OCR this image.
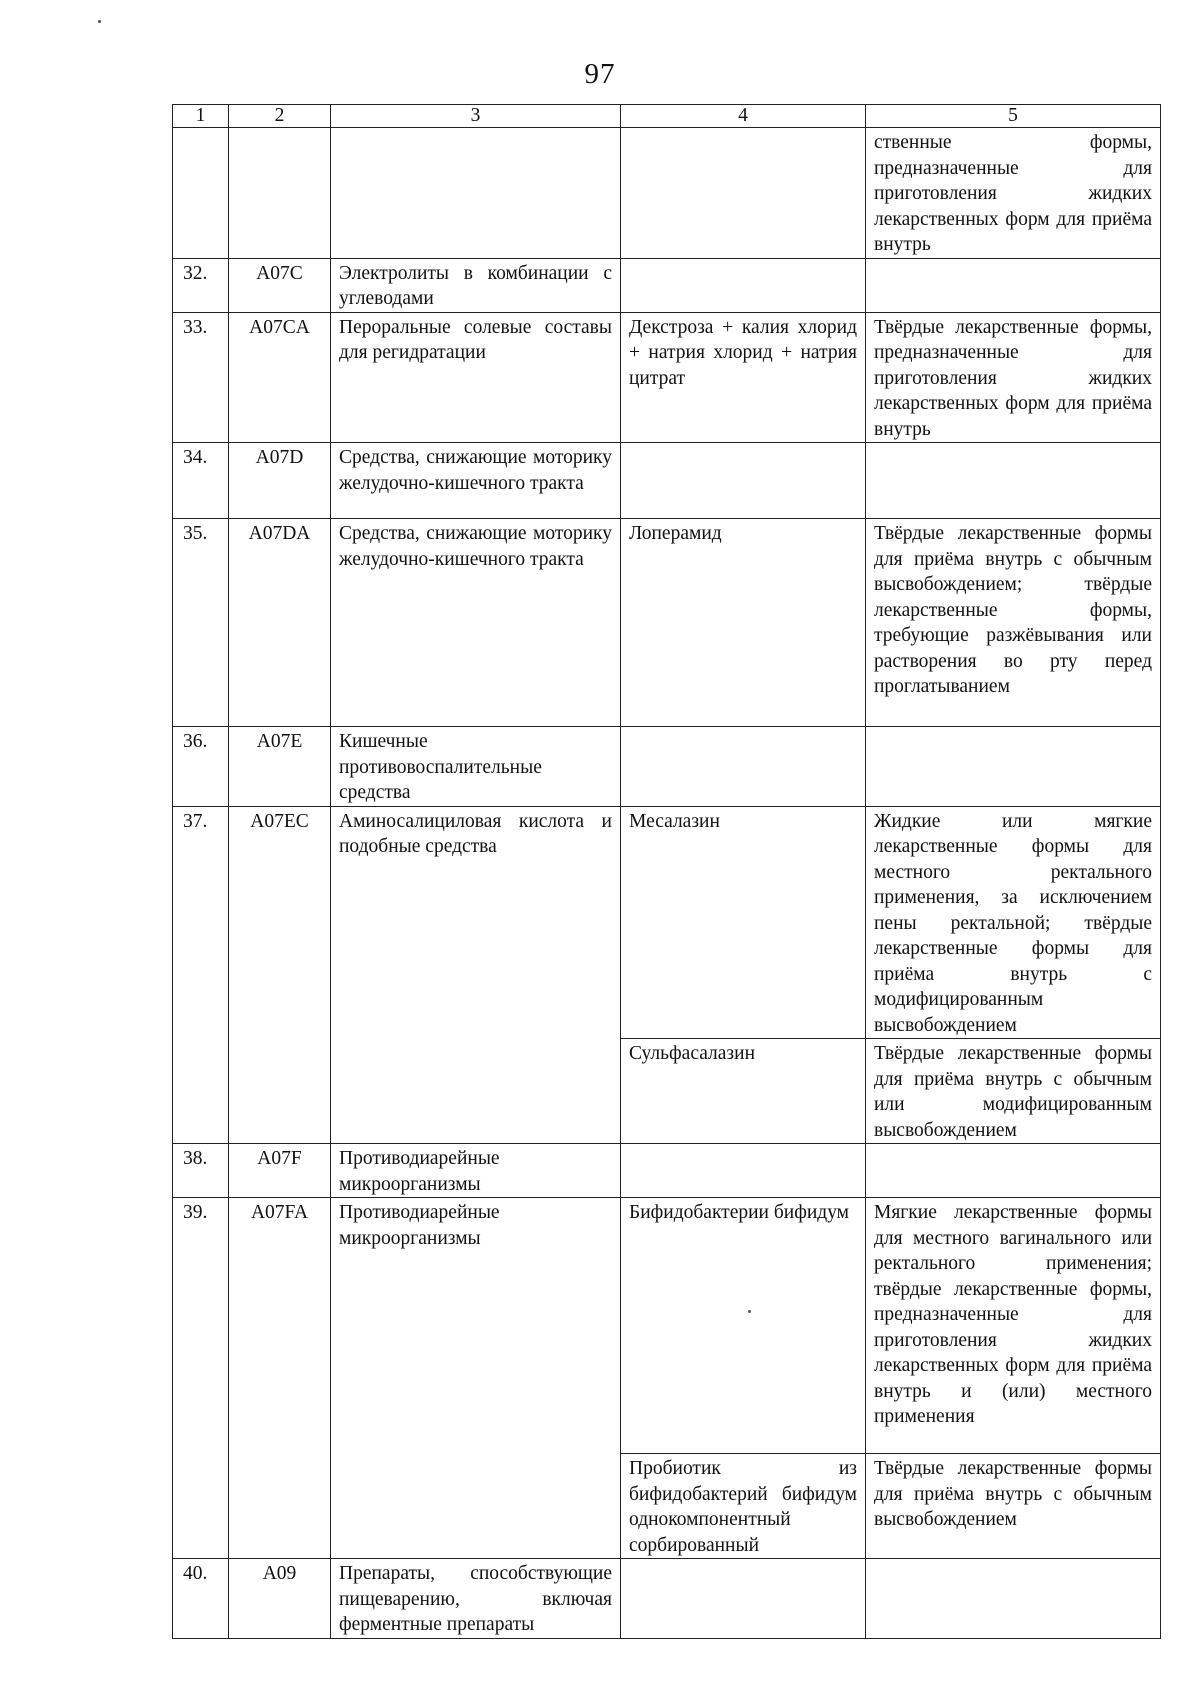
97
1	2	3	4	5
				ственные формы, предназначенные для приготовления жидких лекарственных форм для приёма внутрь
32.	A07C	Электролиты в комбинации с углеводами		
33.	A07CA	Пероральные солевые составы для регидратации	Декстроза + калия хлорид + натрия хлорид + натрия цитрат	Твёрдые лекарственные формы, предназначенные для приготовления жидких лекарственных форм для приёма внутрь
34.	A07D	Средства, снижающие моторику желудочно-кишечного тракта		
35.	A07DA	Средства, снижающие моторику желудочно-кишечного тракта	Лоперамид	Твёрдые лекарственные формы для приёма внутрь с обычным высвобождением; твёрдые лекарственные формы, требующие разжёвывания или растворения во рту перед проглатыванием
36.	A07E	Кишечные противовоспалительные средства		
37.	A07EC	Аминосалициловая кислота и подобные средства	Месалазин	Жидкие или мягкие лекарственные формы для местного ректального применения, за исключением пены ректальной; твёрдые лекарственные формы для приёма внутрь с модифицированным высвобождением
			Сульфасалазин	Твёрдые лекарственные формы для приёма внутрь с обычным или модифицированным высвобождением
38.	A07F	Противодиарейные микроорганизмы		
39.	A07FA	Противодиарейные микроорганизмы	Бифидобактерии бифидум	Мягкие лекарственные формы для местного вагинального или ректального применения; твёрдые лекарственные формы, предназначенные для приготовления жидких лекарственных форм для приёма внутрь и (или) местного применения
			Пробиотик из бифидобактерий бифидум однокомпонентный сорбированный	Твёрдые лекарственные формы для приёма внутрь с обычным высвобождением
40.	A09	Препараты, способствующие пищеварению, включая ферментные препараты		
